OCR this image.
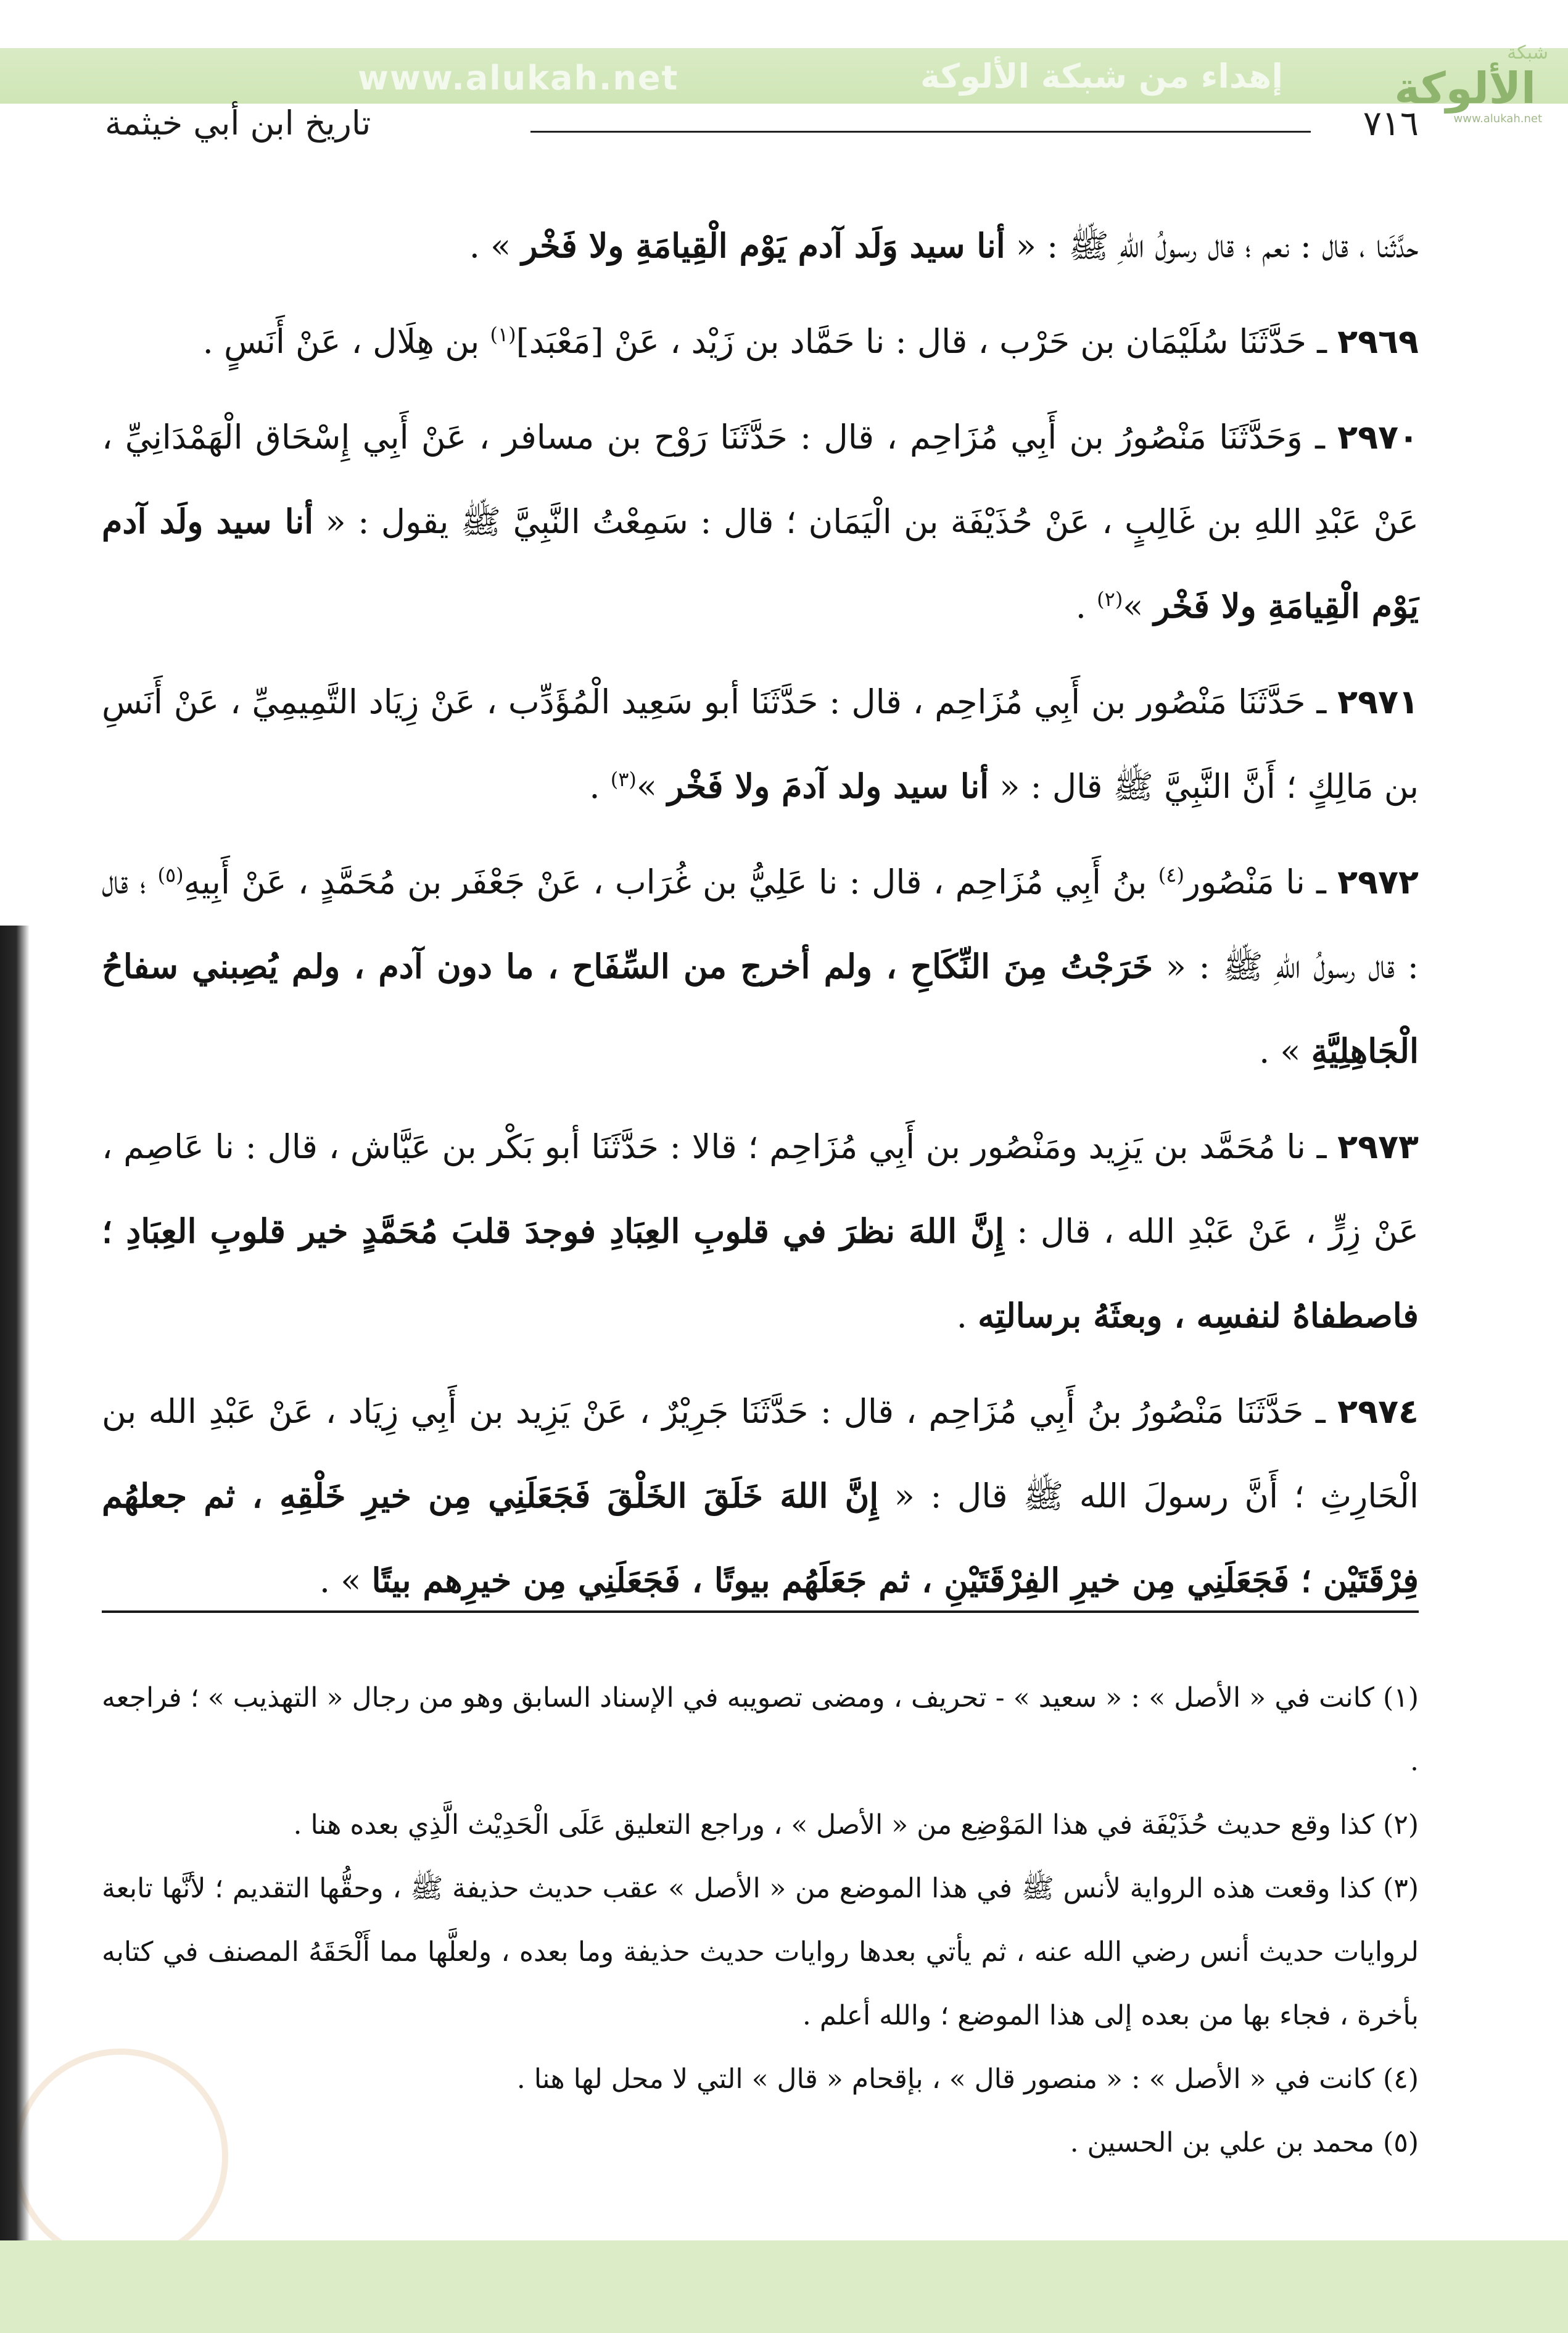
www.alukah.net	إهداء من شبكة الألوكة
شبكة
الألوكة
www.alukah.net
٧١٦
تاريخ ابن أبي خيثمة

حدَّثَنا ، قال : نعم ؛ قال رسولُ اللهِ ﷺ : « أنا سيد وَلَد آدم يَوْم الْقِيامَةِ ولا فَخْر » .

٢٩٦٩ ـ حَدَّثَنَا سُلَيْمَان بن حَرْب ، قال : نا حَمَّاد بن زَيْد ، عَنْ [مَعْبَد]$^{(١)}$ بن هِلَال ، عَنْ أَنَسٍ .

٢٩٧٠ ـ وَحَدَّثَنَا مَنْصُورُ بن أَبِي مُزَاحِم ، قال : حَدَّثَنَا رَوْح بن مسافر ، عَنْ أَبِي إِسْحَاق الْهَمْدَانِيِّ ، عَنْ عَبْدِ اللهِ بن غَالِبٍ ، عَنْ حُذَيْفَة بن الْيَمَان ؛ قال : سَمِعْتُ النَّبِيَّ ﷺ يقول : « أنا سيد ولَد آدم يَوْم الْقِيامَةِ ولا فَخْر »$^{(٢)}$ .

٢٩٧١ ـ حَدَّثَنَا مَنْصُور بن أَبِي مُزَاحِم ، قال : حَدَّثَنَا أبو سَعِيد الْمُؤَدِّب ، عَنْ زِيَاد التَّمِيمِيِّ ، عَنْ أَنَسِ بن مَالِكٍ ؛ أَنَّ النَّبِيَّ ﷺ قال : « أنا سيد ولد آدمَ ولا فَخْر »$^{(٣)}$ .

٢٩٧٢ ـ نا مَنْصُور$^{(٤)}$ بنُ أَبِي مُزَاحِم ، قال : نا عَلِيُّ بن غُرَاب ، عَنْ جَعْفَر بن مُحَمَّدٍ ، عَنْ أَبِيهِ$^{(٥)}$ ؛ قال : قال رسولُ اللهِ ﷺ : « خَرَجْتُ مِنَ النِّكَاحِ ، ولم أخرج من السِّفَاح ، ما دون آدم ، ولم يُصِبني سفاحُ الْجَاهِلِيَّةِ » .

٢٩٧٣ ـ نا مُحَمَّد بن يَزِيد ومَنْصُور بن أَبِي مُزَاحِم ؛ قالا : حَدَّثَنَا أبو بَكْر بن عَيَّاش ، قال : نا عَاصِم ، عَنْ زِرٍّ ، عَنْ عَبْدِ الله ، قال : إِنَّ اللهَ نظرَ في قلوبِ العِبَادِ فوجدَ قلبَ مُحَمَّدٍ خير قلوبِ العِبَادِ ؛ فاصطفاهُ لنفسِه ، وبعثَهُ برسالتِه .

٢٩٧٤ ـ حَدَّثَنَا مَنْصُورُ بنُ أَبِي مُزَاحِم ، قال : حَدَّثَنَا جَرِيْرٌ ، عَنْ يَزِيد بن أَبِي زِيَاد ، عَنْ عَبْدِ الله بن الْحَارِثِ ؛ أَنَّ رسولَ الله ﷺ قال : « إِنَّ اللهَ خَلَقَ الخَلْقَ فَجَعَلَنِي مِن خيرِ خَلْقِهِ ، ثم جعلهُم فِرْقَتَيْن ؛ فَجَعَلَنِي مِن خيرِ الفِرْقَتَيْنِ ، ثم جَعَلَهُم بيوتًا ، فَجَعَلَنِي مِن خيرِهم بيتًا » .

(١) كانت في « الأصل » : « سعيد » - تحريف ، ومضى تصويبه في الإسناد السابق وهو من رجال « التهذيب » ؛ فراجعه .

(٢) كذا وقع حديث حُذَيْفَة في هذا المَوْضِع من « الأصل » ، وراجع التعليق عَلَى الْحَدِيْث الَّذِي بعده هنا .

(٣) كذا وقعت هذه الرواية لأنس ﷺ في هذا الموضع من « الأصل » عقب حديث حذيفة ﷺ ، وحقُّها التقديم ؛ لأنَّها تابعة لروايات حديث أنس رضي الله عنه ، ثم يأتي بعدها روايات حديث حذيفة وما بعده ، ولعلَّها مما أَلْحَقَهُ المصنف في كتابه بأخرة ، فجاء بها من بعده إلى هذا الموضع ؛ والله أعلم .

(٤) كانت في « الأصل » : « منصور قال » ، بإقحام « قال » التي لا محل لها هنا .

(٥) محمد بن علي بن الحسين .
